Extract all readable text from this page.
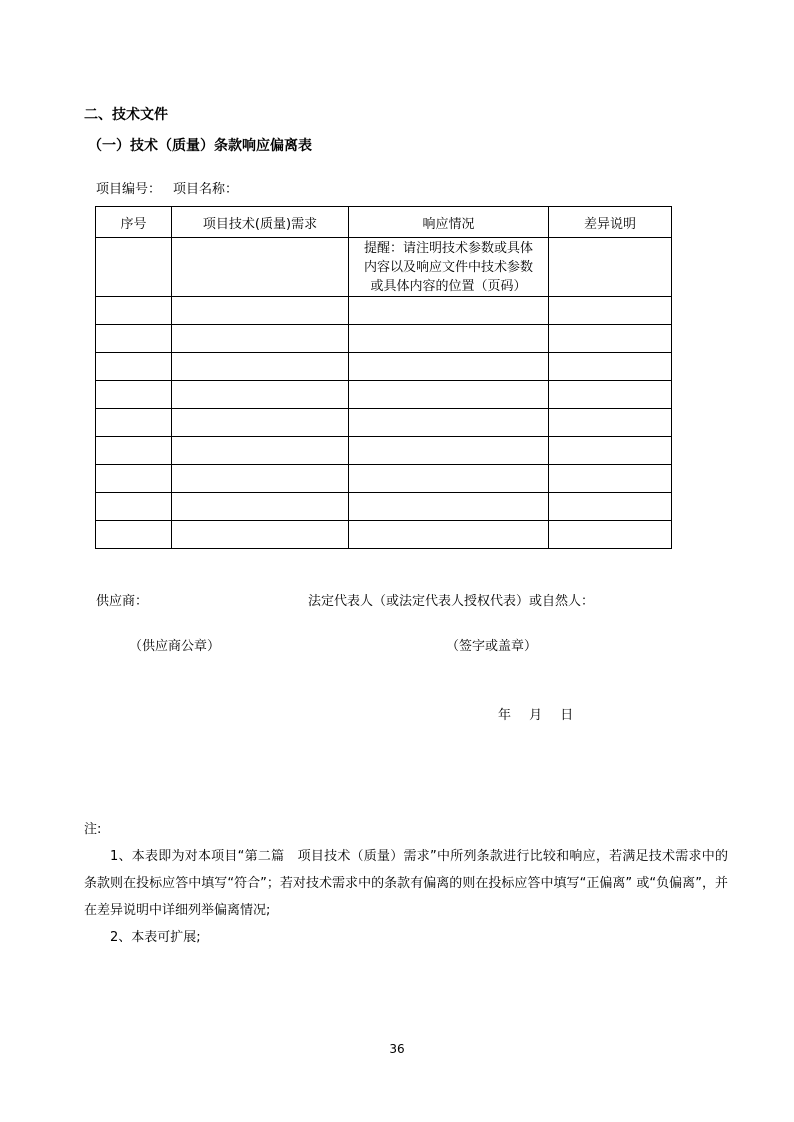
二、技术文件
（一）技术（质量）条款响应偏离表
项目编号： 项目名称：
序号	项目技术(质量)需求	响应情况	差异说明

		提醒：请注明技术参数或具体
内容以及响应文件中技术参数
或具体内容的位置（页码）	

供应商：	法定代表人（或法定代表人授权代表）或自然人：
（供应商公章）	（签字或盖章）
年 月 日
注:
1、本表即为对本项目“第二篇　项目技术（质量）需求”中所列条款进行比较和响应，若满足技术需求中的条款则在投标应答中填写“符合”；若对技术需求中的条款有偏离的则在投标应答中填写“正偏离” 或“负偏离”，并在差异说明中详细列举偏离情况;
2、本表可扩展;
36
